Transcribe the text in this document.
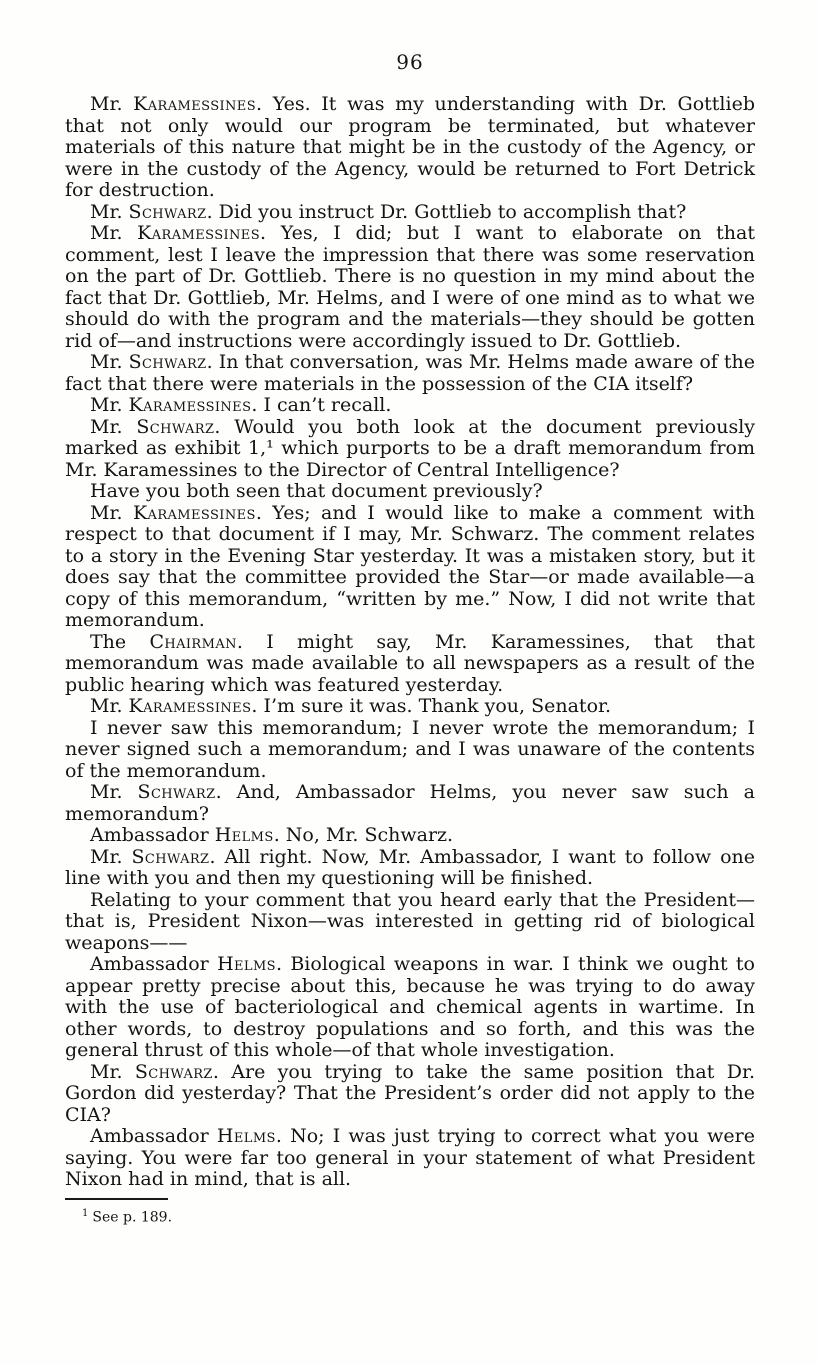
96

Mr. Karamessines. Yes. It was my understanding with Dr. Gottlieb that not only would our program be terminated, but whatever materials of this nature that might be in the custody of the Agency, or were in the custody of the Agency, would be returned to Fort Detrick for destruction.

Mr. Schwarz. Did you instruct Dr. Gottlieb to accomplish that?

Mr. Karamessines. Yes, I did; but I want to elaborate on that comment, lest I leave the impression that there was some reservation on the part of Dr. Gottlieb. There is no question in my mind about the fact that Dr. Gottlieb, Mr. Helms, and I were of one mind as to what we should do with the program and the materials—they should be gotten rid of—and instructions were accordingly issued to Dr. Gottlieb.

Mr. Schwarz. In that conversation, was Mr. Helms made aware of the fact that there were materials in the possession of the CIA itself?

Mr. Karamessines. I can’t recall.

Mr. Schwarz. Would you both look at the document previously marked as exhibit 1,¹ which purports to be a draft memorandum from Mr. Karamessines to the Director of Central Intelligence?

Have you both seen that document previously?

Mr. Karamessines. Yes; and I would like to make a comment with respect to that document if I may, Mr. Schwarz. The comment relates to a story in the Evening Star yesterday. It was a mistaken story, but it does say that the committee provided the Star—or made available—a copy of this memorandum, “written by me.” Now, I did not write that memorandum.

The Chairman. I might say, Mr. Karamessines, that that memorandum was made available to all newspapers as a result of the public hearing which was featured yesterday.

Mr. Karamessines. I’m sure it was. Thank you, Senator.

I never saw this memorandum; I never wrote the memorandum; I never signed such a memorandum; and I was unaware of the contents of the memorandum.

Mr. Schwarz. And, Ambassador Helms, you never saw such a memorandum?

Ambassador Helms. No, Mr. Schwarz.

Mr. Schwarz. All right. Now, Mr. Ambassador, I want to follow one line with you and then my questioning will be finished.

Relating to your comment that you heard early that the President—that is, President Nixon—was interested in getting rid of biological weapons——

Ambassador Helms. Biological weapons in war. I think we ought to appear pretty precise about this, because he was trying to do away with the use of bacteriological and chemical agents in wartime. In other words, to destroy populations and so forth, and this was the general thrust of this whole—of that whole investigation.

Mr. Schwarz. Are you trying to take the same position that Dr. Gordon did yesterday? That the President’s order did not apply to the CIA?

Ambassador Helms. No; I was just trying to correct what you were saying. You were far too general in your statement of what President Nixon had in mind, that is all.

$^1$ See p. 189.
